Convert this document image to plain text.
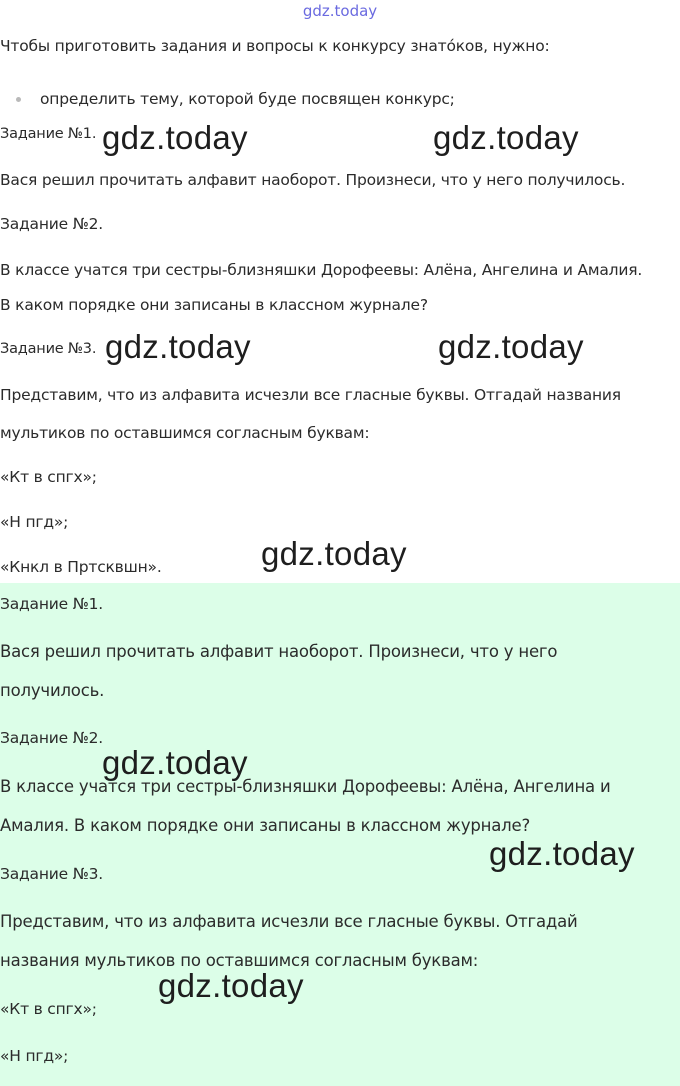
gdz.today
Чтобы приготовить задания и вопросы к конкурсу знатóков, нужно:
определить тему, которой буде посвящен конкурс;
Задание №1.
Вася решил прочитать алфавит наоборот. Произнеси, что у него получилось.
Задание №2.
В классе учатся три сестры-близняшки Дорофеевы: Алёна, Ангелина и Амалия.
В каком порядке они записаны в классном журнале?
Задание №3.
Представим, что из алфавита исчезли все гласные буквы. Отгадай названия
мультиков по оставшимся согласным буквам:
«Кт в спгх»;
«Н пгд»;
«Кнкл в Пртсквшн».
Задание №1.
Вася решил прочитать алфавит наоборот. Произнеси, что у него
получилось.
Задание №2.
В классе учатся три сестры-близняшки Дорофеевы: Алёна, Ангелина и
Амалия. В каком порядке они записаны в классном журнале?
Задание №3.
Представим, что из алфавита исчезли все гласные буквы. Отгадай
названия мультиков по оставшимся согласным буквам:
«Кт в спгх»;
«Н пгд»;
gdz.today	gdz.today
gdz.today	gdz.today
gdz.today
gdz.today
gdz.today
gdz.today
